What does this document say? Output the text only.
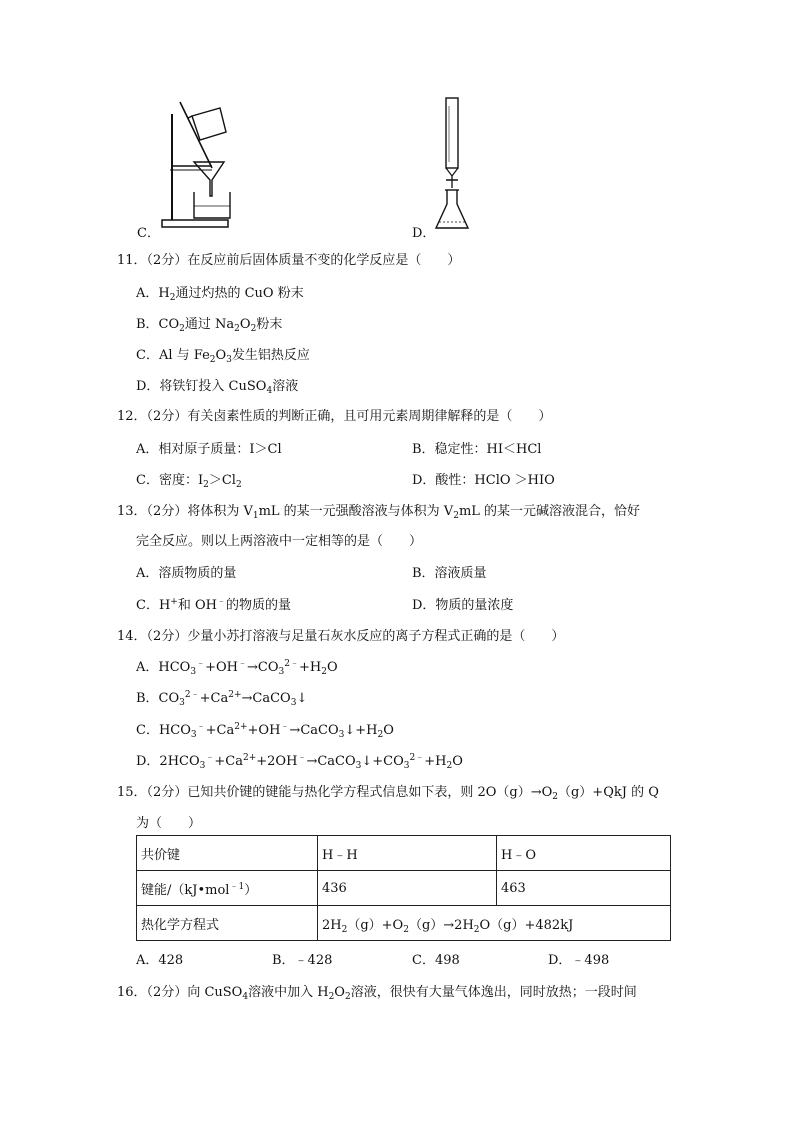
C．	D．
11．（2分）在反应前后固体质量不变的化学反应是（　　）
A．$H_2$通过灼热的 CuO 粉末
B．$CO_2$通过 $Na_2O_2$粉末
C．Al 与 $Fe_2O_3$发生铝热反应
D．将铁钉投入 CuSO$_4$溶液
12．（2分）有关卤素性质的判断正确，且可用元素周期律解释的是（　　）
A．相对原子质量：I＞Cl	B．稳定性：HI＜HCl
C．密度：$I_2>Cl_2$	D．酸性：HClO ＞HIO
13．（2分）将体积为 $V_1mL$ 的某一元强酸溶液与体积为 $V_2mL$ 的某一元碱溶液混合，恰好
完全反应。则以上两溶液中一定相等的是（　　）
A．溶质物质的量	B．溶液质量
C．H+和 OH﹣的物质的量	D．物质的量浓度
14．（2分）少量小苏打溶液与足量石灰水反应的离子方程式正确的是（　　）
A．$HCO_3^﹣+OH^﹣\to CO_3^{2﹣}+H_2O$
B．$CO_3^{2﹣}+Ca^{2+}\to CaCO_3↓$
C．$HCO_3^﹣+Ca^{2+}+OH^﹣\to CaCO_3↓+H_2O$
D．$2HCO_3^﹣+Ca^{2+}+2OH^﹣\to CaCO_3↓+CO_3^{2﹣}+H_2O$
15．（2分）已知共价键的键能与热化学方程式信息如下表，则 $2O(g)\to O_2(g)+QkJ$ 的 Q
为（　　）
共价键	H﹣H	H﹣O
键能/（kJ•mol$^{﹣1}$）	436	463
热化学方程式	$2H_2(g)+O_2(g)\to 2H_2O(g)+482kJ$	
A．428	B．﹣428	C．498	D．﹣498
16．（2分）向 CuSO$_4$溶液中加入 $H_2O_2$溶液，很快有大量气体逸出，同时放热；一段时间
